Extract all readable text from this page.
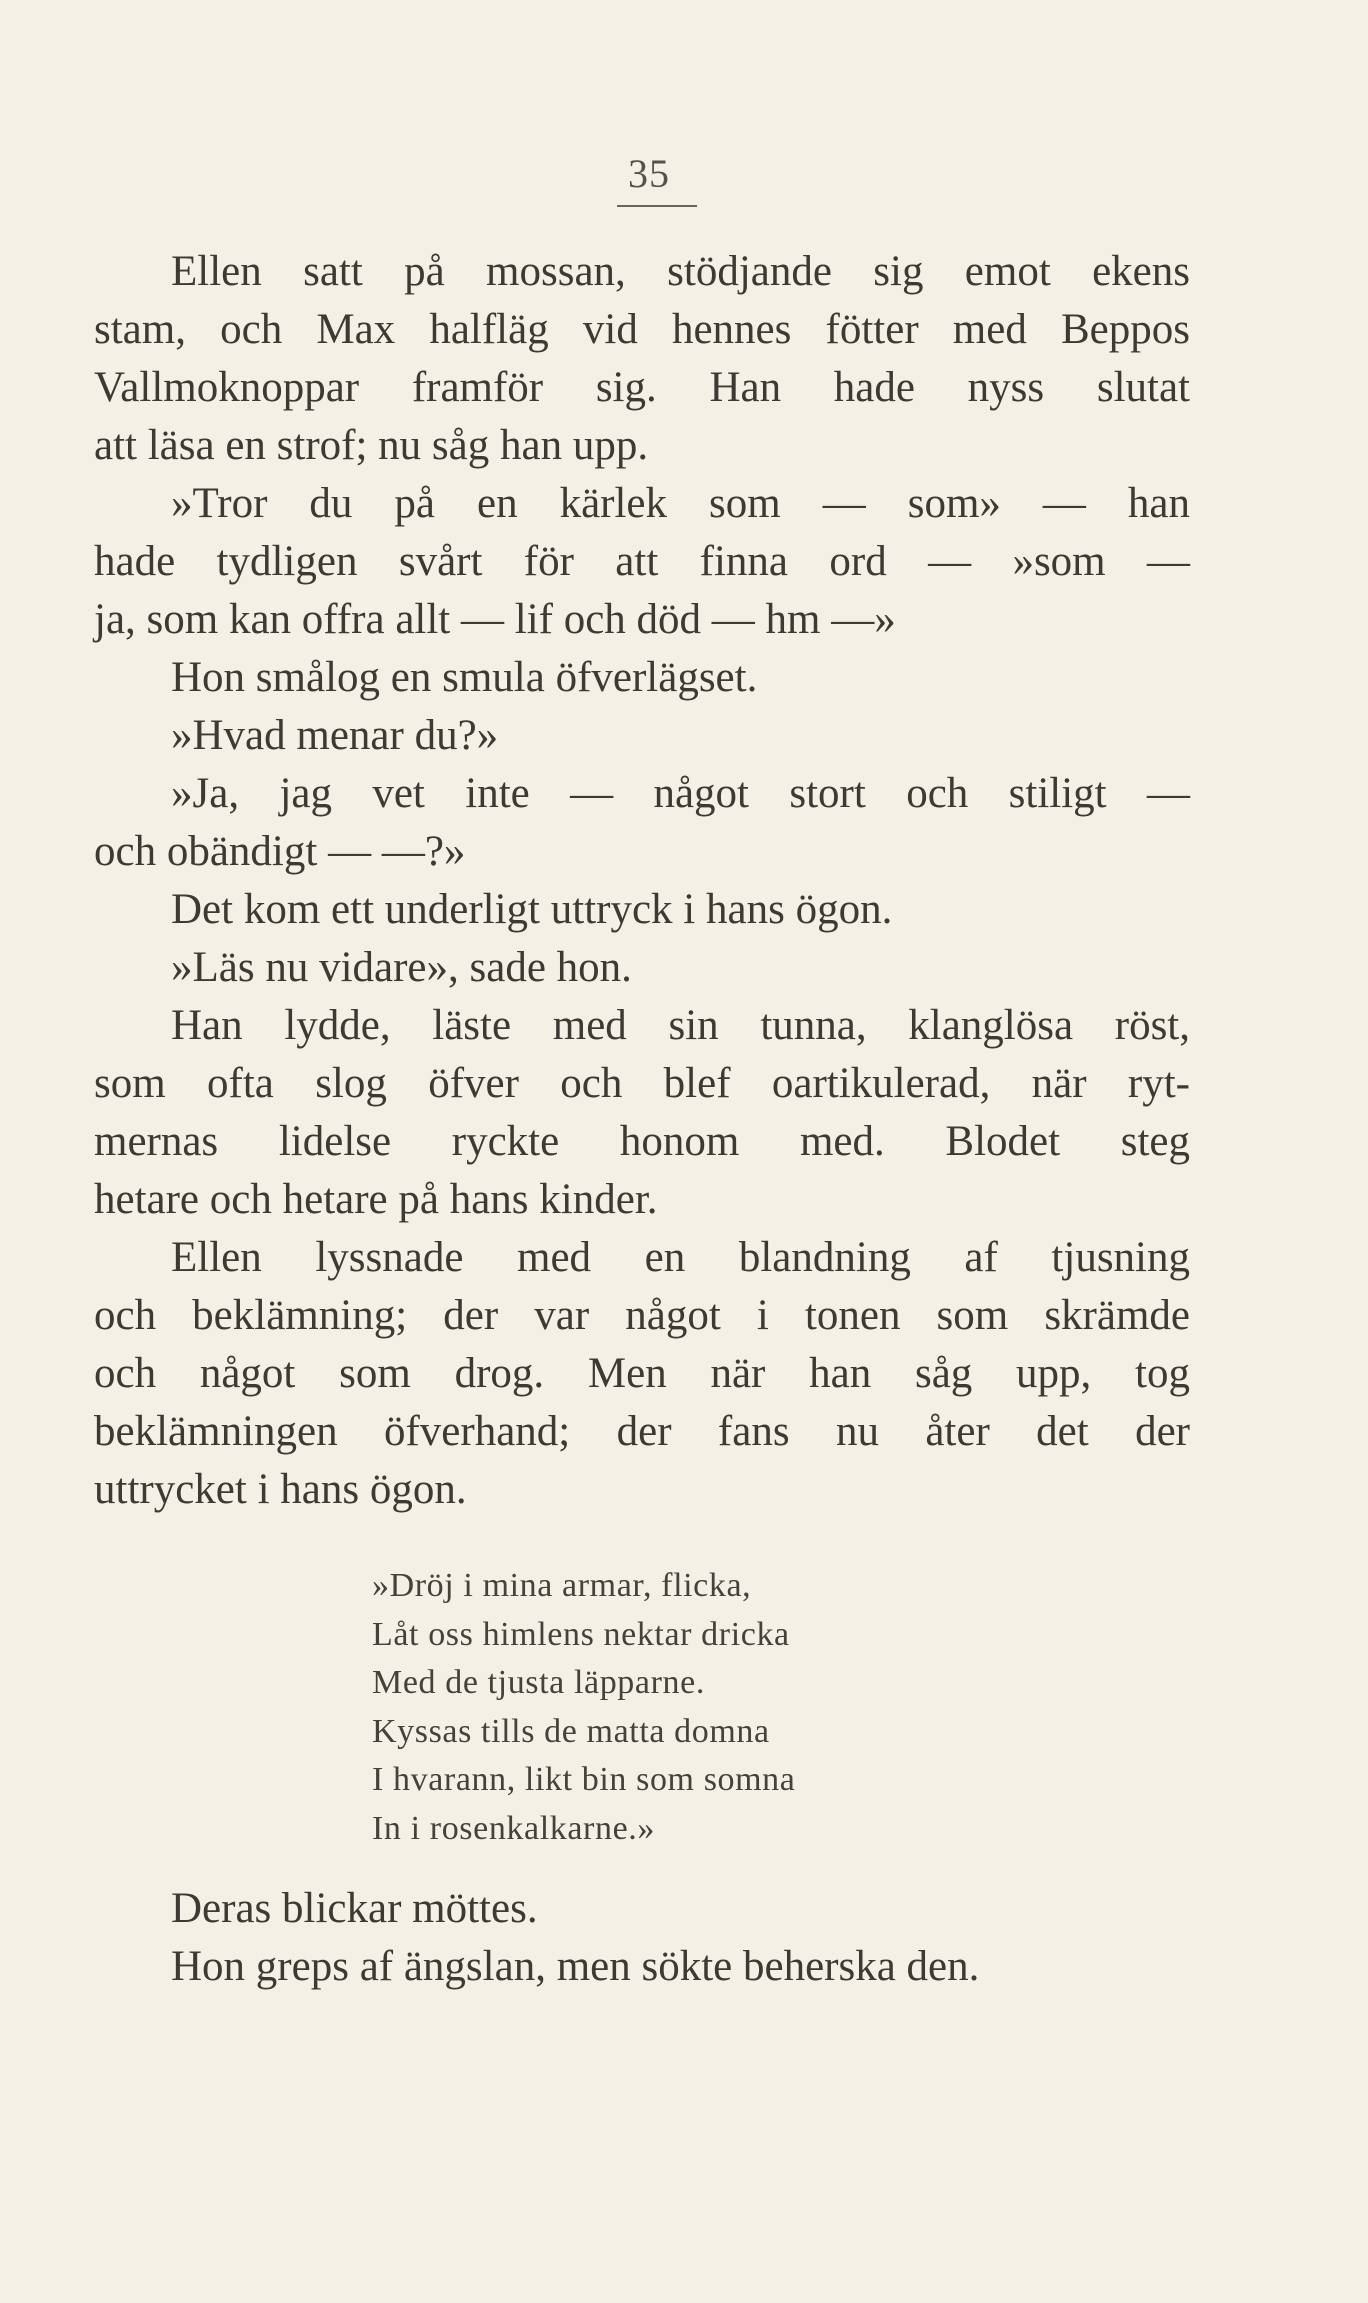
35
Ellen satt på mossan, stödjande sig emot ekens
stam, och Max halfläg vid hennes fötter med Beppos
Vallmoknoppar framför sig. Han hade nyss slutat
att läsa en strof; nu såg han upp.
»Tror du på en kärlek som — som» — han
hade tydligen svårt för att finna ord — »som —
ja, som kan offra allt — lif och död — hm —»
Hon smålog en smula öfverlägset.
»Hvad menar du?»
»Ja, jag vet inte — något stort och stiligt —
och obändigt — —?»
Det kom ett underligt uttryck i hans ögon.
»Läs nu vidare», sade hon.
Han lydde, läste med sin tunna, klanglösa röst,
som ofta slog öfver och blef oartikulerad, när ryt-
mernas lidelse ryckte honom med. Blodet steg
hetare och hetare på hans kinder.
Ellen lyssnade med en blandning af tjusning
och beklämning; der var något i tonen som skrämde
och något som drog. Men när han såg upp, tog
beklämningen öfverhand; der fans nu åter det der
uttrycket i hans ögon.
»Dröj i mina armar, flicka,
Låt oss himlens nektar dricka
Med de tjusta läpparne.
Kyssas tills de matta domna
I hvarann, likt bin som somna
In i rosenkalkarne.»
Deras blickar möttes.
Hon greps af ängslan, men sökte beherska den.
